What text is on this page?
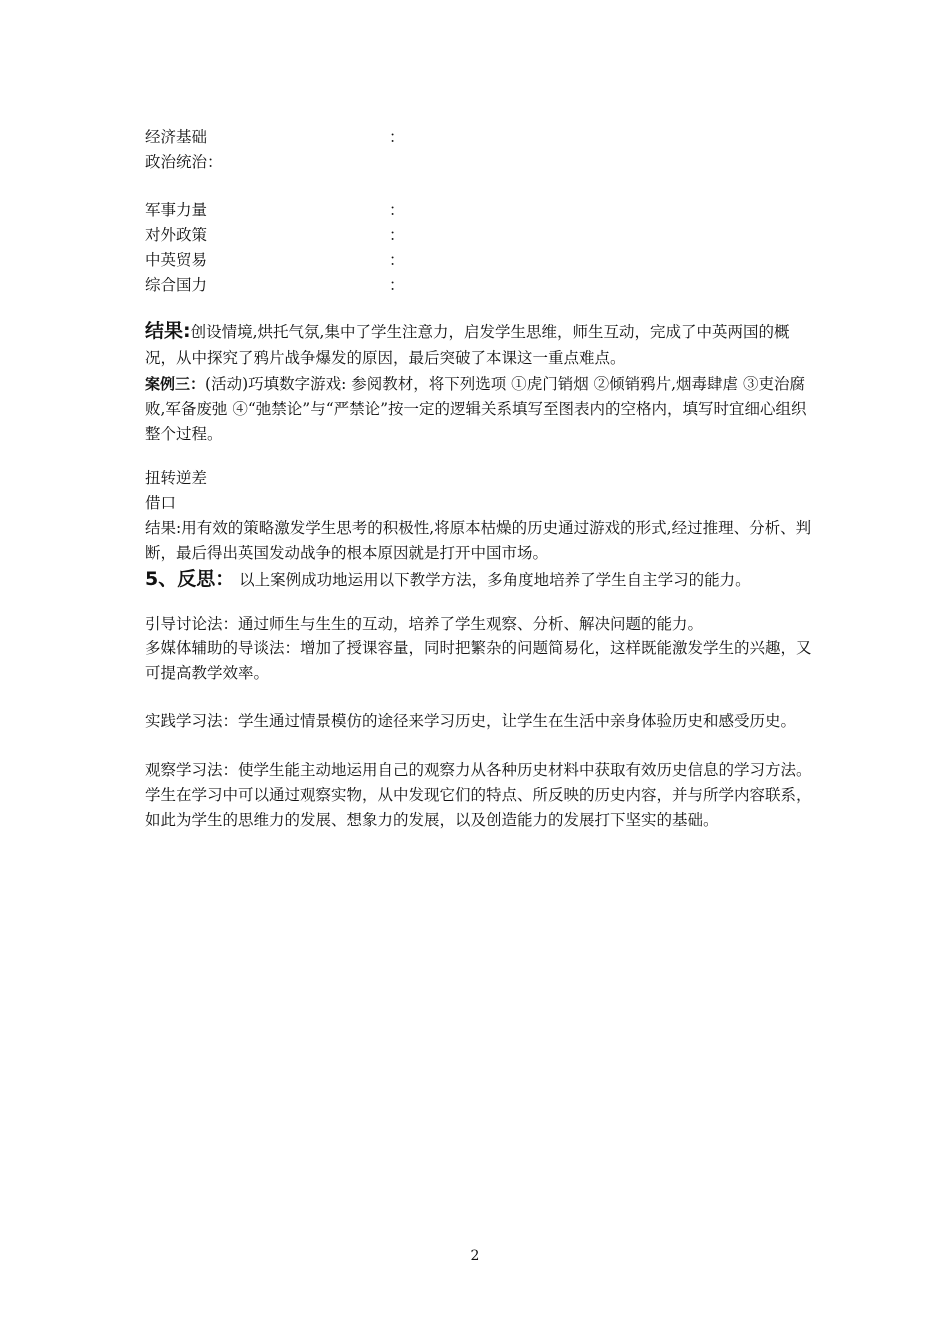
经济基础	：
政治统治：
军事力量	：
对外政策	：
中英贸易	：
综合国力	：
结果:创设情境,烘托气氛,集中了学生注意力，启发学生思维，师生互动，完成了中英两国的概况，从中探究了鸦片战争爆发的原因，最后突破了本课这一重点难点。
案例三：(活动)巧填数字游戏: 参阅教材，将下列选项 ①虎门销烟 ②倾销鸦片,烟毒肆虐 ③吏治腐败,军备废弛 ④“弛禁论”与“严禁论”按一定的逻辑关系填写至图表内的空格内，填写时宜细心组织整个过程。
扭转逆差
借口
结果:用有效的策略激发学生思考的积极性,将原本枯燥的历史通过游戏的形式,经过推理、分析、判断，最后得出英国发动战争的根本原因就是打开中国市场。
5、反思： 以上案例成功地运用以下教学方法，多角度地培养了学生自主学习的能力。
引导讨论法：通过师生与生生的互动，培养了学生观察、分析、解决问题的能力。
多媒体辅助的导谈法：增加了授课容量，同时把繁杂的问题简易化，这样既能激发学生的兴趣，又可提高教学效率。
实践学习法：学生通过情景模仿的途径来学习历史，让学生在生活中亲身体验历史和感受历史。
观察学习法：使学生能主动地运用自己的观察力从各种历史材料中获取有效历史信息的学习方法。学生在学习中可以通过观察实物，从中发现它们的特点、所反映的历史内容，并与所学内容联系，如此为学生的思维力的发展、想象力的发展，以及创造能力的发展打下坚实的基础。
2
